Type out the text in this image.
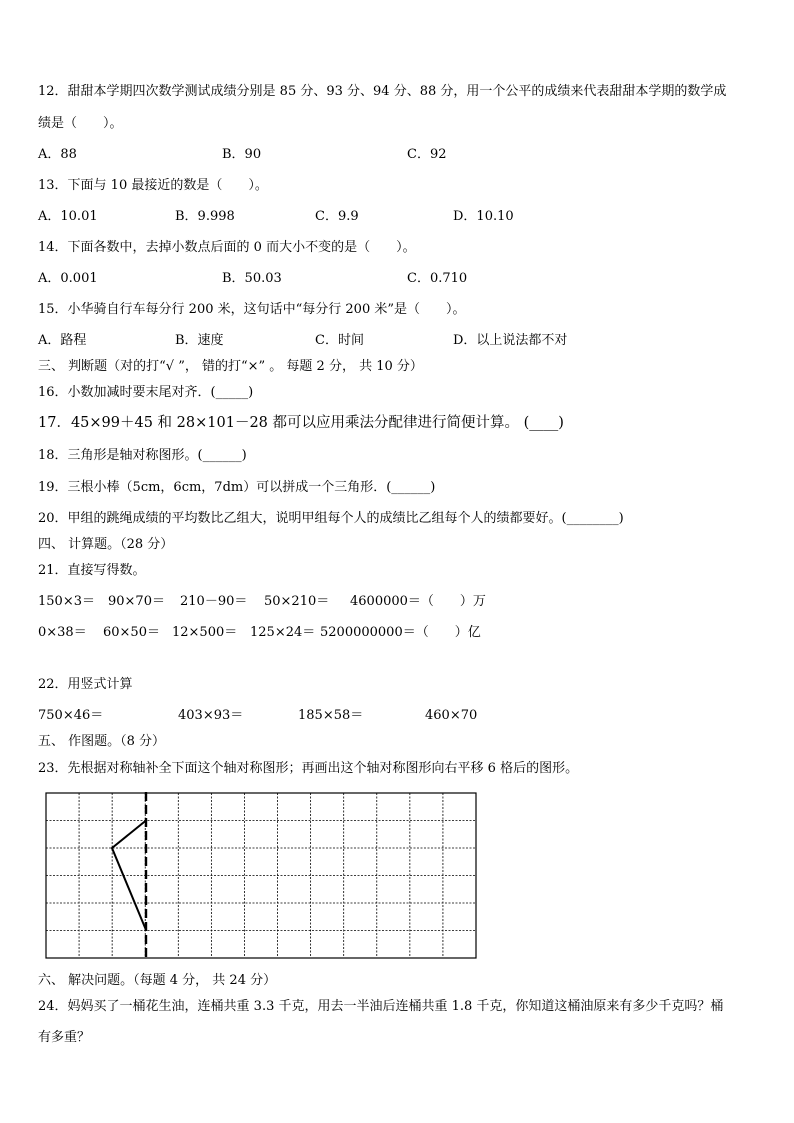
12．甜甜本学期四次数学测试成绩分别是 85 分、93 分、94 分、88 分，用一个公平的成绩来代表甜甜本学期的数学成
绩是（　　）。
A．88	B．90	C．92
13．下面与 10 最接近的数是（　　）。
A．10.01	B．9.998	C．9.9	D．10.10
14．下面各数中，去掉小数点后面的 0 而大小不变的是（　　）。
A．0.001	B．50.03	C．0.710
15．小华骑自行车每分行 200 米，这句话中“每分行 200 米”是（　　）。
A．路程	B．速度	C．时间	D．以上说法都不对
三、 判断题（对的打“√ ”， 错的打“×” 。 每题 2 分， 共 10 分）
16．小数加减时要末尾对齐．(_____)
17．45×99＋45 和 28×101－28 都可以应用乘法分配律进行简便计算。 (____)
18．三角形是轴对称图形。(______)
19．三根小棒（5cm，6cm，7dm）可以拼成一个三角形．(______)
20．甲组的跳绳成绩的平均数比乙组大，说明甲组每个人的成绩比乙组每个人的绩都要好。(________)
四、 计算题。（28 分）
21．直接写得数。
150×3＝ 90×70＝ 210－90＝ 50×210＝ 4600000＝（　　）万
0×38＝ 60×50＝ 12×500＝ 125×24＝ 5200000000＝（　　）亿
22．用竖式计算
750×46＝	403×93＝	185×58＝	460×70
五、 作图题。（8 分）
23．先根据对称轴补全下面这个轴对称图形；再画出这个轴对称图形向右平移 6 格后的图形。
六、 解决问题。（每题 4 分， 共 24 分）
24．妈妈买了一桶花生油，连桶共重 3.3 千克，用去一半油后连桶共重 1.8 千克，你知道这桶油原来有多少千克吗？桶
有多重？
